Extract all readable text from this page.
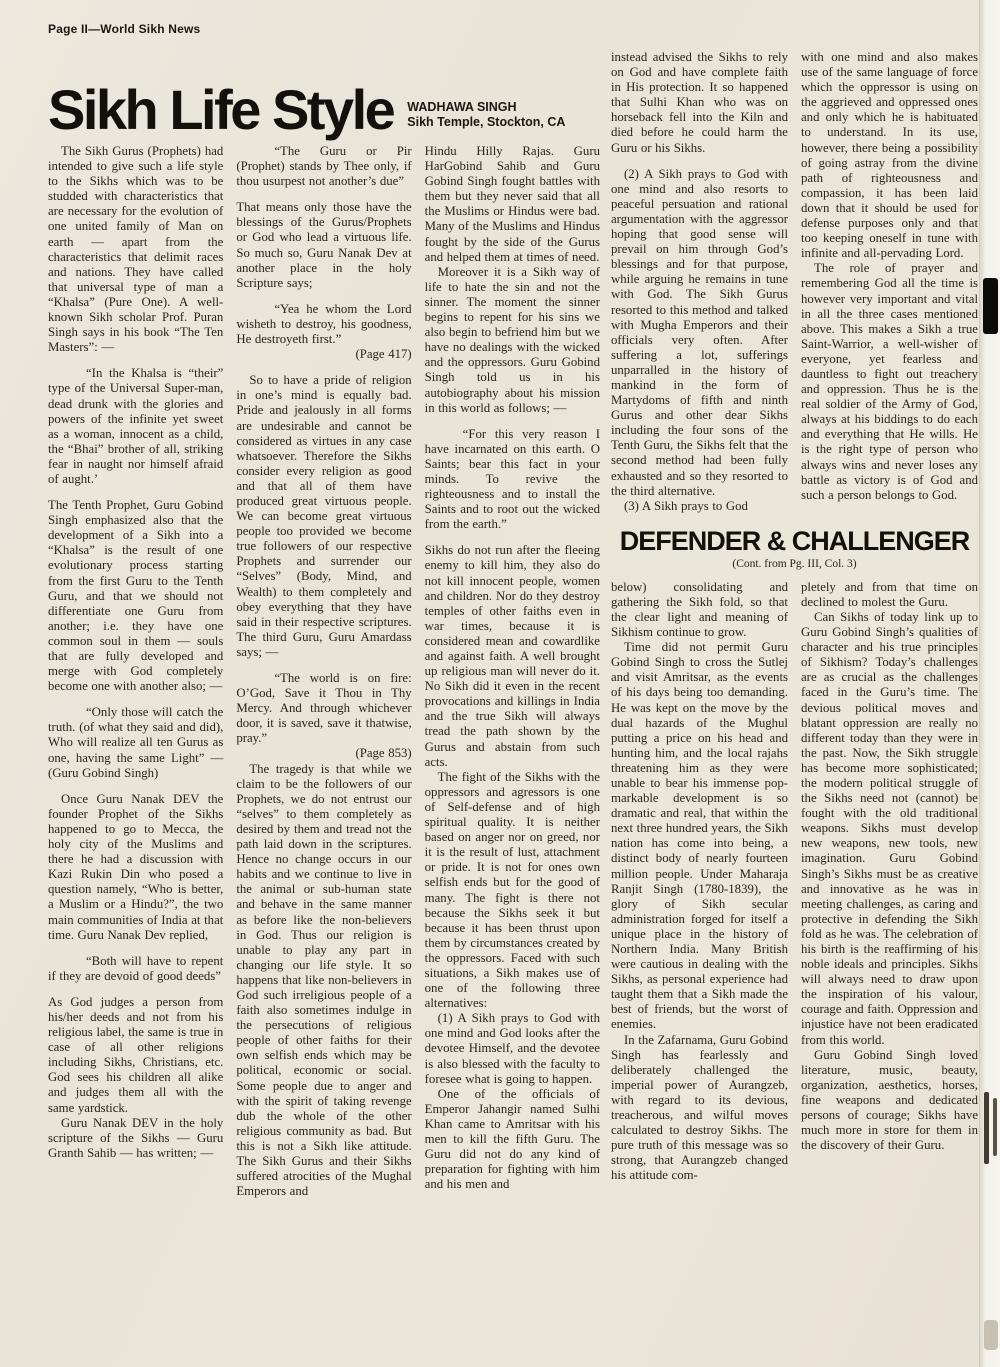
Page II—World Sikh News
Sikh Life Style WADHAWA SINGH
Sikh Temple, Stockton, CA

The Sikh Gurus (Prophets) had intended to give such a life style to the Sikhs which was to be studded with characteristics that are necessary for the evolution of one united family of Man on earth — apart from the characteristics that delimit races and nations. They have called that universal type of man a “Khalsa” (Pure One). A well-known Sikh scholar Prof. Puran Singh says in his book “The Ten Masters”: —

“In the Khalsa is “their” type of the Universal Super-man, dead drunk with the glories and powers of the infinite yet sweet as a woman, innocent as a child, the “Bhai” brother of all, striking fear in naught nor himself afraid of aught.’

The Tenth Prophet, Guru Gobind Singh emphasized also that the development of a Sikh into a “Khalsa” is the result of one evolutionary process starting from the first Guru to the Tenth Guru, and that we should not differentiate one Guru from another; i.e. they have one common soul in them — souls that are fully developed and merge with God completely become one with another also; —

“Only those will catch the truth. (of what they said and did), Who will realize all ten Gurus as one, having the same Light” — (Guru Gobind Singh)

Once Guru Nanak DEV the founder Prophet of the Sikhs happened to go to Mecca, the holy city of the Muslims and there he had a discussion with Kazi Rukin Din who posed a question namely, “Who is better, a Muslim or a Hindu?”, the two main communities of India at that time. Guru Nanak Dev replied,

“Both will have to repent if they are devoid of good deeds”

As God judges a person from his/her deeds and not from his religious label, the same is true in case of all other religions including Sikhs, Christians, etc. God sees his children all alike and judges them all with the same yardstick.

Guru Nanak DEV in the holy scripture of the Sikhs — Guru Granth Sahib — has written; —

“The Guru or Pir (Prophet) stands by Thee only, if thou usurpest not another’s due”

That means only those have the blessings of the Gurus/Prophets or God who lead a virtuous life. So much so, Guru Nanak Dev at another place in the holy Scripture says;

“Yea he whom the Lord wisheth to destroy, his goodness, He destroyeth first.”

(Page 417)

So to have a pride of religion in one’s mind is equally bad. Pride and jealously in all forms are undesirable and cannot be considered as virtues in any case whatsoever. Therefore the Sikhs consider every religion as good and that all of them have produced great virtuous people. We can become great virtuous people too provided we become true followers of our respective Prophets and surrender our “Selves” (Body, Mind, and Wealth) to them completely and obey everything that they have said in their respective scriptures. The third Guru, Guru Amardass says; —

“The world is on fire: O’God, Save it Thou in Thy Mercy. And through whichever door, it is saved, save it thatwise, pray.”

(Page 853)

The tragedy is that while we claim to be the followers of our Prophets, we do not entrust our “selves” to them completely as desired by them and tread not the path laid down in the scriptures. Hence no change occurs in our habits and we continue to live in the animal or sub-human state and behave in the same manner as before like the non-believers in God. Thus our religion is unable to play any part in changing our life style. It so happens that like non-believers in God such irreligious people of a faith also sometimes indulge in the persecutions of religious people of other faiths for their own selfish ends which may be political, economic or social. Some people due to anger and with the spirit of taking revenge dub the whole of the other religious community as bad. But this is not a Sikh like attitude. The Sikh Gurus and their Sikhs suffered atrocities of the Mughal Emperors and

Hindu Hilly Rajas. Guru HarGobind Sahib and Guru Gobind Singh fought battles with them but they never said that all the Muslims or Hindus were bad. Many of the Muslims and Hindus fought by the side of the Gurus and helped them at times of need.

Moreover it is a Sikh way of life to hate the sin and not the sinner. The moment the sinner begins to repent for his sins we also begin to befriend him but we have no dealings with the wicked and the oppressors. Guru Gobind Singh told us in his autobiography about his mission in this world as follows; —

“For this very reason I have incarnated on this earth. O Saints; bear this fact in your minds. To revive the righteousness and to install the Saints and to root out the wicked from the earth.”

Sikhs do not run after the fleeing enemy to kill him, they also do not kill innocent people, women and children. Nor do they destroy temples of other faiths even in war times, because it is considered mean and cowardlike and against faith. A well brought up religious man will never do it. No Sikh did it even in the recent provocations and killings in India and the true Sikh will always tread the path shown by the Gurus and abstain from such acts.

The fight of the Sikhs with the oppressors and agressors is one of Self-defense and of high spiritual quality. It is neither based on anger nor on greed, nor it is the result of lust, attachment or pride. It is not for ones own selfish ends but for the good of many. The fight is there not because the Sikhs seek it but because it has been thrust upon them by circumstances created by the oppressors. Faced with such situations, a Sikh makes use of one of the following three alternatives:

(1) A Sikh prays to God with one mind and God looks after the devotee Himself, and the devotee is also blessed with the faculty to foresee what is going to happen.

One of the officials of Emperor Jahangir named Sulhi Khan came to Amritsar with his men to kill the fifth Guru. The Guru did not do any kind of preparation for fighting with him and his men and

instead advised the Sikhs to rely on God and have complete faith in His protection. It so happened that Sulhi Khan who was on horseback fell into the Kiln and died before he could harm the Guru or his Sikhs.

(2) A Sikh prays to God with one mind and also resorts to peaceful persuation and rational argumentation with the aggressor hoping that good sense will prevail on him through God’s blessings and for that purpose, while arguing he remains in tune with God. The Sikh Gurus resorted to this method and talked with Mugha Emperors and their officials very often. After suffering a lot, sufferings unparralled in the history of mankind in the form of Martydoms of fifth and ninth Gurus and other dear Sikhs including the four sons of the Tenth Guru, the Sikhs felt that the second method had been fully exhausted and so they resorted to the third alternative.

(3) A Sikh prays to God

with one mind and also makes use of the same language of force which the oppressor is using on the aggrieved and oppressed ones and only which he is habituated to understand. In its use, however, there being a possibility of going astray from the divine path of righteousness and compassion, it has been laid down that it should be used for defense purposes only and that too keeping oneself in tune with infinite and all-pervading Lord.

The role of prayer and remembering God all the time is however very important and vital in all the three cases mentioned above. This makes a Sikh a true Saint-Warrior, a well-wisher of everyone, yet fearless and dauntless to fight out treachery and oppression. Thus he is the real soldier of the Army of God, always at his biddings to do each and everything that He wills. He is the right type of person who always wins and never loses any battle as victory is of God and such a person belongs to God.

DEFENDER & CHALLENGER
(Cont. from Pg. III, Col. 3)

below) consolidating and gathering the Sikh fold, so that the clear light and meaning of Sikhism continue to grow.

Time did not permit Guru Gobind Singh to cross the Sutlej and visit Amritsar, as the events of his days being too demanding. He was kept on the move by the dual hazards of the Mughul putting a price on his head and hunting him, and the local rajahs threatening him as they were unable to bear his immense pop-markable development is so dramatic and real, that within the next three hundred years, the Sikh nation has come into being, a distinct body of nearly fourteen million people. Under Maharaja Ranjit Singh (1780-1839), the glory of Sikh secular administration forged for itself a unique place in the history of Northern India. Many British were cautious in dealing with the Sikhs, as personal experience had taught them that a Sikh made the best of friends, but the worst of enemies.

In the Zafarnama, Guru Gobind Singh has fearlessly and deliberately challenged the imperial power of Aurangzeb, with regard to its devious, treacherous, and wilful moves calculated to destroy Sikhs. The pure truth of this message was so strong, that Aurangzeb changed his attitude com-

pletely and from that time on declined to molest the Guru.

Can Sikhs of today link up to Guru Gobind Singh’s qualities of character and his true principles of Sikhism? Today’s challenges are as crucial as the challenges faced in the Guru’s time. The devious political moves and blatant oppression are really no different today than they were in the past. Now, the Sikh struggle has become more sophisticated; the modern political struggle of the Sikhs need not (cannot) be fought with the old traditional weapons. Sikhs must develop new weapons, new tools, new imagination. Guru Gobind Singh’s Sikhs must be as creative and innovative as he was in meeting challenges, as caring and protective in defending the Sikh fold as he was. The celebration of his birth is the reaffirming of his noble ideals and principles. Sikhs will always need to draw upon the inspiration of his valour, courage and faith. Oppression and injustice have not been eradicated from this world.

Guru Gobind Singh loved literature, music, beauty, organization, aesthetics, horses, fine weapons and dedicated persons of courage; Sikhs have much more in store for them in the discovery of their Guru.
